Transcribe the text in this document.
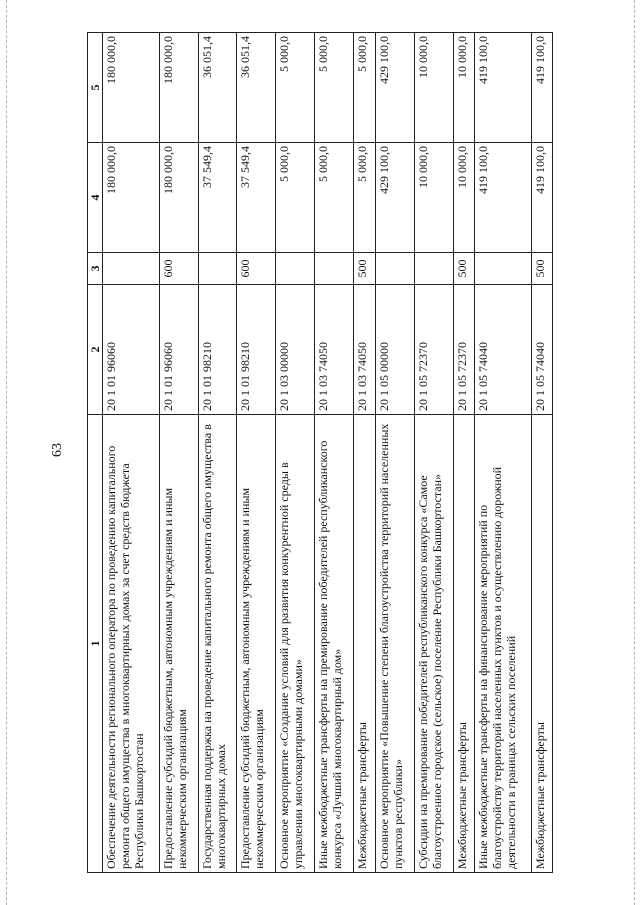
63
1	2	3	4	5
Обеспечение деятельности регионального оператора по проведению капитального ремонта общего имущества в многоквартирных домах за счет средств бюджета Республики Башкортостан	20 1 01 96060		180 000,0	180 000,0
Предоставление субсидий бюджетным, автономным учреждениям и иным некоммерческим организациям	20 1 01 96060	600	180 000,0	180 000,0
Государственная поддержка на проведение капитального ремонта общего имущества в многоквартирных домах	20 1 01 98210		37 549,4	36 051,4
Предоставление субсидий бюджетным, автономным учреждениям и иным некоммерческим организациям	20 1 01 98210	600	37 549,4	36 051,4
Основное мероприятие «Создание условий для развития конкурентной среды в управлении многоквартирными домами»	20 1 03 00000		5 000,0	5 000,0
Иные межбюджетные трансферты на премирование победителей республиканского конкурса «Лучший многоквартирный дом»	20 1 03 74050		5 000,0	5 000,0
Межбюджетные трансферты	20 1 03 74050	500	5 000,0	5 000,0
Основное мероприятие «Повышение степени благоустройства территорий населенных пунктов республики»	20 1 05 00000		429 100,0	429 100,0
Субсидии на премирование победителей республиканского конкурса «Самое благоустроенное городское (сельское) поселение Республики Башкортостан»	20 1 05 72370		10 000,0	10 000,0
Межбюджетные трансферты	20 1 05 72370	500	10 000,0	10 000,0
Иные межбюджетные трансферты на финансирование мероприятий по благоустройству территорий населенных пунктов и осуществлению дорожной деятельности в границах сельских поселений	20 1 05 74040		419 100,0	419 100,0
Межбюджетные трансферты	20 1 05 74040	500	419 100,0	419 100,0
